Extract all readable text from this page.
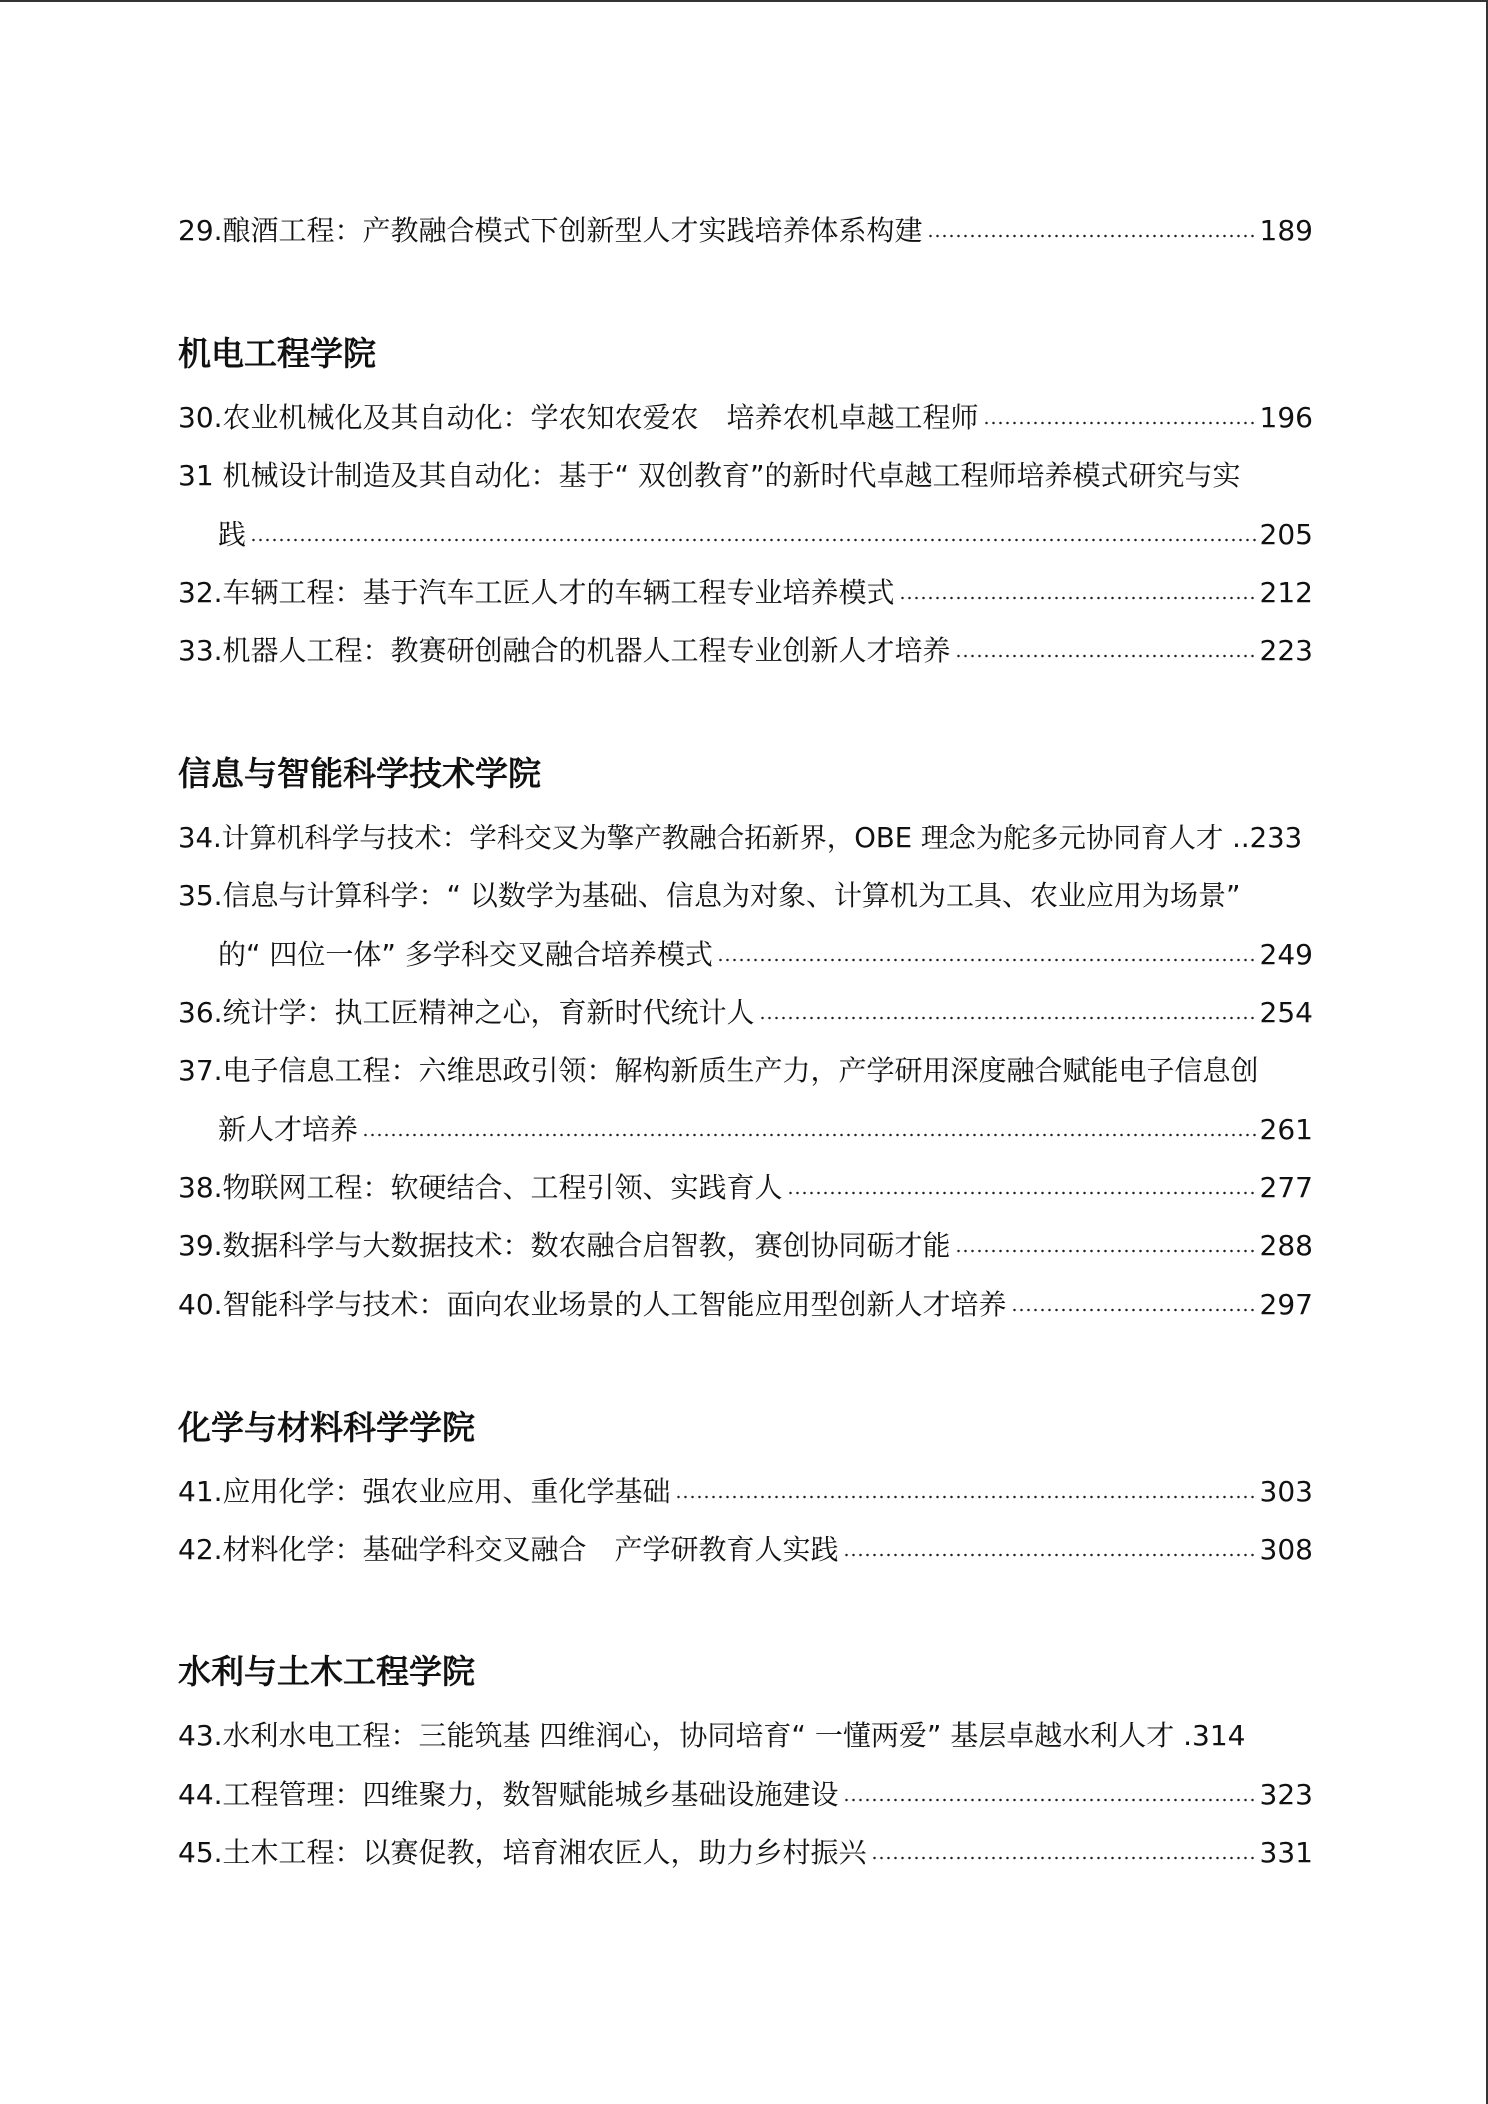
29.酿酒工程：产教融合模式下创新型人才实践培养体系构建	189
机电工程学院
30.农业机械化及其自动化：学农知农爱农　培养农机卓越工程师	196
31 机械设计制造及其自动化：基于“ 双创教育”的新时代卓越工程师培养模式研究与实
践	205
32.车辆工程：基于汽车工匠人才的车辆工程专业培养模式	212
33.机器人工程：教赛研创融合的机器人工程专业创新人才培养	223
信息与智能科学技术学院
34.计算机科学与技术：学科交叉为擎产教融合拓新界，OBE 理念为舵多元协同育人才 .. 233
35.信息与计算科学：“ 以数学为基础、信息为对象、计算机为工具、农业应用为场景”
的“ 四位一体” 多学科交叉融合培养模式	249
36.统计学：执工匠精神之心，育新时代统计人	254
37.电子信息工程：六维思政引领：解构新质生产力，产学研用深度融合赋能电子信息创
新人才培养	261
38.物联网工程：软硬结合、工程引领、实践育人	277
39.数据科学与大数据技术：数农融合启智教，赛创协同砺才能	288
40.智能科学与技术：面向农业场景的人工智能应用型创新人才培养	297
化学与材料科学学院
41.应用化学：强农业应用、重化学基础	303
42.材料化学：基础学科交叉融合　产学研教育人实践	308
水利与土木工程学院
43.水利水电工程：三能筑基 四维润心，协同培育“ 一懂两爱” 基层卓越水利人才 . 314
44.工程管理：四维聚力，数智赋能城乡基础设施建设	323
45.土木工程：以赛促教，培育湘农匠人，助力乡村振兴	331
